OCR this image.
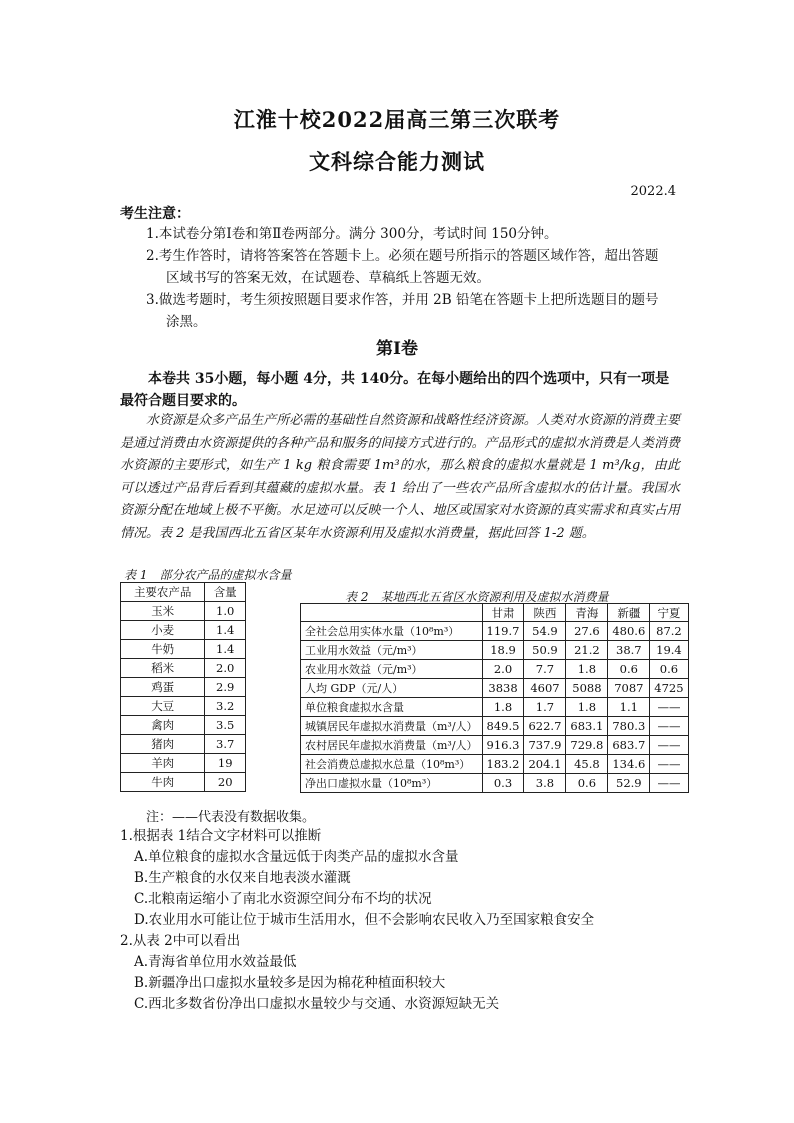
江淮十校2022届高三第三次联考
文科综合能力测试
2022.4
考生注意：
1.本试卷分第Ⅰ卷和第Ⅱ卷两部分。满分 300分，考试时间 150分钟。
2.考生作答时，请将答案答在答题卡上。必须在题号所指示的答题区域作答，超出答题
区域书写的答案无效，在试题卷、草稿纸上答题无效。
3.做选考题时，考生须按照题目要求作答，并用 2B 铅笔在答题卡上把所选题目的题号
涂黑。
第Ⅰ卷
本卷共 35小题，每小题 4分，共 140分。在每小题给出的四个选项中，只有一项是最符合题目要求的。
水资源是众多产品生产所必需的基础性自然资源和战略性经济资源。人类对水资源的消费主要是通过消费由水资源提供的各种产品和服务的间接方式进行的。产品形式的虚拟水消费是人类消费水资源的主要形式，如生产 1 kg 粮食需要 1m³的水，那么粮食的虚拟水量就是 1 m³/kg，由此可以透过产品背后看到其蕴藏的虚拟水量。表 1 给出了一些农产品所含虚拟水的估计量。我国水资源分配在地域上极不平衡。水足迹可以反映一个人、地区或国家对水资源的真实需求和真实占用情况。表 2 是我国西北五省区某年水资源利用及虚拟水消费量，据此回答 1-2 题。
表 1　部分农产品的虚拟水含量
主要农产品	含量
玉米	1.0
小麦	1.4
牛奶	1.4
稻米	2.0
鸡蛋	2.9
大豆	3.2
禽肉	3.5
猪肉	3.7
羊肉	19
牛肉	20
表 2　某地西北五省区水资源利用及虚拟水消费量
	甘肃	陕西	青海	新疆	宁夏
全社会总用实体水量（10⁸m³）	119.7	54.9	27.6	480.6	87.2
工业用水效益（元/m³）	18.9	50.9	21.2	38.7	19.4
农业用水效益（元/m³）	2.0	7.7	1.8	0.6	0.6
人均 GDP（元/人）	3838	4607	5088	7087	4725
单位粮食虚拟水含量	1.8	1.7	1.8	1.1	——
城镇居民年虚拟水消费量（m³/人）	849.5	622.7	683.1	780.3	——
农村居民年虚拟水消费量（m³/人）	916.3	737.9	729.8	683.7	——
社会消费总虚拟水总量（10⁸m³）	183.2	204.1	45.8	134.6	——
净出口虚拟水量（10⁸m³）	0.3	3.8	0.6	52.9	——
注：——代表没有数据收集。
1.根据表 1结合文字材料可以推断
A.单位粮食的虚拟水含量远低于肉类产品的虚拟水含量
B.生产粮食的水仅来自地表淡水灌溉
C.北粮南运缩小了南北水资源空间分布不均的状况
D.农业用水可能让位于城市生活用水，但不会影响农民收入乃至国家粮食安全
2.从表 2中可以看出
A.青海省单位用水效益最低
B.新疆净出口虚拟水量较多是因为棉花种植面积较大
C.西北多数省份净出口虚拟水量较少与交通、水资源短缺无关
